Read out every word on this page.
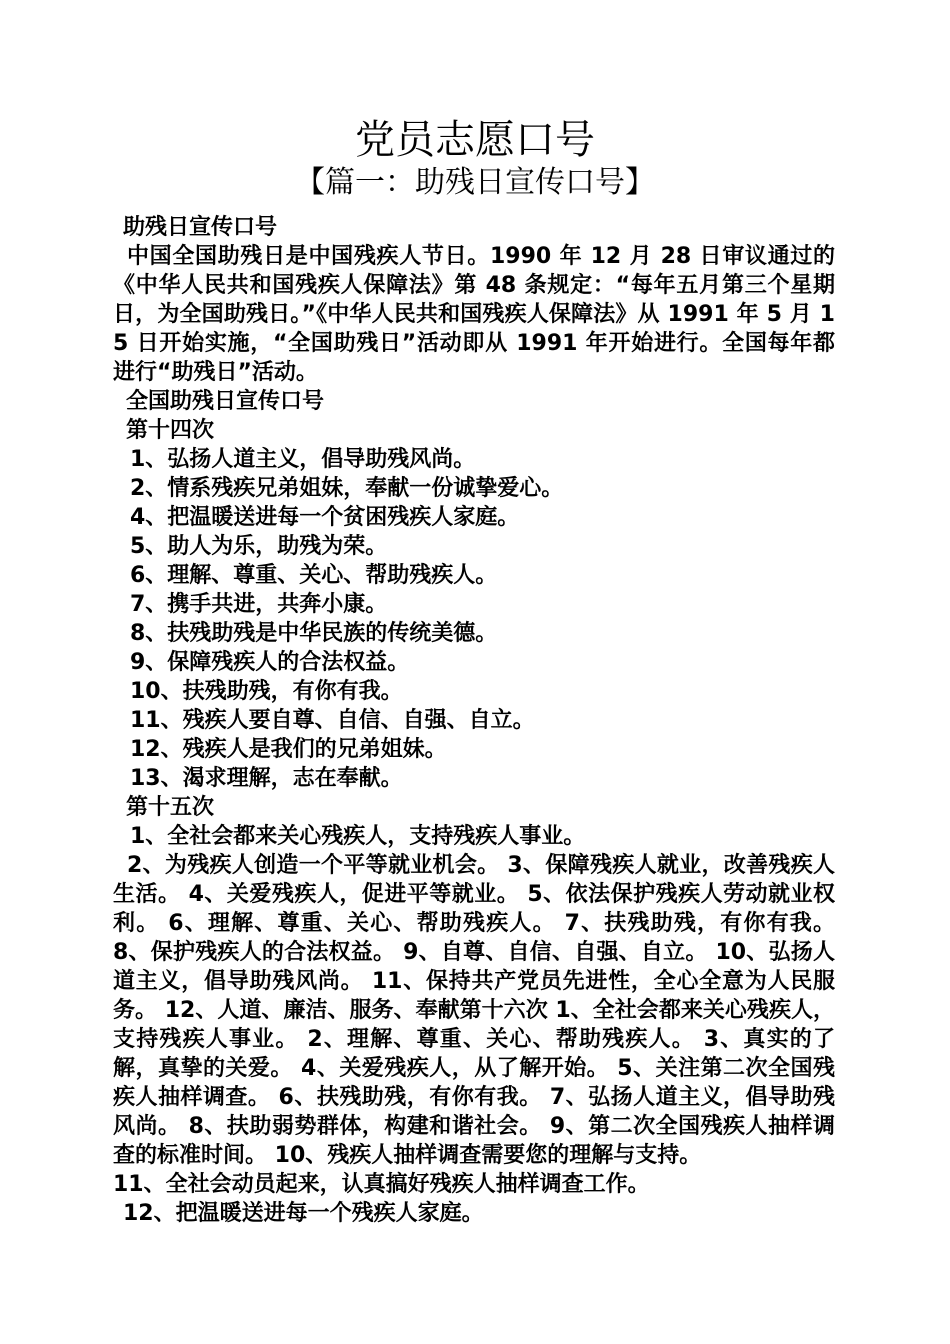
党员志愿口号
【篇一：助残日宣传口号】
助残日宣传口号
中国全国助残日是中国残疾人节日。1990 年 12 月 28 日审议通过的《中华人民共和国残疾人保障法》第 48 条规定：“每年五月第三个星期日，为全国助残日。”《中华人民共和国残疾人保障法》从 1991 年 5 月 15 日开始实施，“全国助残日”活动即从 1991 年开始进行。全国每年都进行“助残日”活动。
全国助残日宣传口号
第十四次
1、弘扬人道主义，倡导助残风尚。
2、情系残疾兄弟姐妹，奉献一份诚挚爱心。
4、把温暖送进每一个贫困残疾人家庭。
5、助人为乐，助残为荣。
6、理解、尊重、关心、帮助残疾人。
7、携手共进，共奔小康。
8、扶残助残是中华民族的传统美德。
9、保障残疾人的合法权益。
10、扶残助残，有你有我。
11、残疾人要自尊、自信、自强、自立。
12、残疾人是我们的兄弟姐妹。
13、渴求理解，志在奉献。
第十五次
1、全社会都来关心残疾人，支持残疾人事业。
2、为残疾人创造一个平等就业机会。 3、保障残疾人就业，改善残疾人生活。 4、关爱残疾人，促进平等就业。 5、依法保护残疾人劳动就业权利。 6、理解、尊重、关心、帮助残疾人。 7、扶残助残，有你有我。 8、保护残疾人的合法权益。 9、自尊、自信、自强、自立。 10、弘扬人道主义，倡导助残风尚。 11、保持共产党员先进性，全心全意为人民服务。 12、人道、廉洁、服务、奉献第十六次 1、全社会都来关心残疾人，支持残疾人事业。 2、理解、尊重、关心、帮助残疾人。 3、真实的了解，真挚的关爱。 4、关爱残疾人，从了解开始。 5、关注第二次全国残疾人抽样调查。 6、扶残助残，有你有我。 7、弘扬人道主义，倡导助残风尚。 8、扶助弱势群体，构建和谐社会。 9、第二次全国残疾人抽样调查的标准时间。 10、残疾人抽样调查需要您的理解与支持。
11、全社会动员起来，认真搞好残疾人抽样调查工作。
12、把温暖送进每一个残疾人家庭。
